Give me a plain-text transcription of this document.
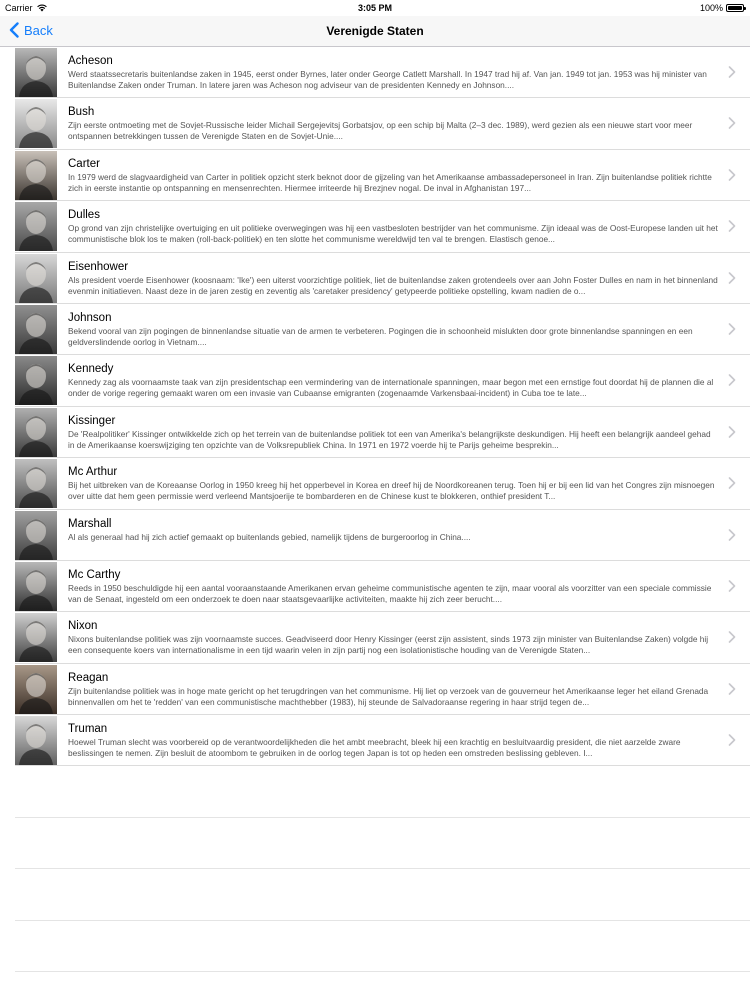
Carrier	3:05 PM	100%
Back	Verenigde Staten
Acheson
Werd staatssecretaris buitenlandse zaken in 1945, eerst onder Byrnes, later onder George Catlett Marshall. In 1947 trad hij af. Van jan. 1949 tot jan. 1953 was hij minister van Buitenlandse Zaken onder Truman. In latere jaren was Acheson nog adviseur van de presidenten Kennedy en Johnson....
Bush
Zijn eerste ontmoeting met de Sovjet-Russische leider Michail Sergejevitsj Gorbatsjov, op een schip bij Malta (2–3 dec. 1989), werd gezien als een nieuwe start voor meer ontspannen betrekkingen tussen de Verenigde Staten en de Sovjet-Unie....
Carter
In 1979 werd de slagvaardigheid van Carter in politiek opzicht sterk beknot door de gijzeling van het Amerikaanse ambassadepersoneel in Iran. Zijn buitenlandse politiek richtte zich in eerste instantie op ontspanning en mensenrechten. Hiermee irriteerde hij Brezjnev nogal. De inval in Afghanistan 197...
Dulles
Op grond van zijn christelijke overtuiging en uit politieke overwegingen was hij een vastbesloten bestrijder van het communisme. Zijn ideaal was de Oost-Europese landen uit het communistische blok los te maken (roll-back-politiek) en ten slotte het communisme wereldwijd ten val te brengen. Elastisch genoe...
Eisenhower
Als president voerde Eisenhower (koosnaam: 'Ike') een uiterst voorzichtige politiek, liet de buitenlandse zaken grotendeels over aan John Foster Dulles en nam in het binnenland evenmin initiatieven. Naast deze in de jaren zestig en zeventig als 'caretaker presidency' getypeerde politieke opstelling, kwam nadien de o...
Johnson
Bekend vooral van zijn pogingen de binnenlandse situatie van de armen te verbeteren. Pogingen die in schoonheid mislukten door grote binnenlandse spanningen en een geldverslindende oorlog in Vietnam....
Kennedy
Kennedy zag als voornaamste taak van zijn presidentschap een vermindering van de internationale spanningen, maar begon met een ernstige fout doordat hij de plannen die al onder de vorige regering gemaakt waren om een invasie van Cubaanse emigranten (zogenaamde Varkensbaai-incident) in Cuba toe te late...
Kissinger
De 'Realpolitiker' Kissinger ontwikkelde zich op het terrein van de buitenlandse politiek tot een van Amerika's belangrijkste deskundigen. Hij heeft een belangrijk aandeel gehad in de Amerikaanse koerswijziging ten opzichte van de Volksrepubliek China. In 1971 en 1972 voerde hij te Parijs geheime besprekin...
Mc Arthur
Bij het uitbreken van de Koreaanse Oorlog in 1950 kreeg hij het opperbevel in Korea en dreef hij de Noordkoreanen terug. Toen hij er bij een lid van het Congres zijn misnoegen over uitte dat hem geen permissie werd verleend Mantsjoerije te bombarderen en de Chinese kust te blokkeren, onthief president T...
Marshall
Al als generaal had hij zich actief gemaakt op buitenlands gebied, namelijk tijdens de burgeroorlog in China....
Mc Carthy
Reeds in 1950 beschuldigde hij een aantal vooraanstaande Amerikanen ervan geheime communistische agenten te zijn, maar vooral als voorzitter van een speciale commissie van de Senaat, ingesteld om een onderzoek te doen naar staatsgevaarlijke activiteiten, maakte hij zich zeer berucht....
Nixon
Nixons buitenlandse politiek was zijn voornaamste succes. Geadviseerd door Henry Kissinger (eerst zijn assistent, sinds 1973 zijn minister van Buitenlandse Zaken) volgde hij een consequente koers van internationalisme in een tijd waarin velen in zijn partij nog een isolationistische houding van de Verenigde Staten...
Reagan
Zijn buitenlandse politiek was in hoge mate gericht op het terugdringen van het communisme. Hij liet op verzoek van de gouverneur het Amerikaanse leger het eiland Grenada binnenvallen om het te 'redden' van een communistische machthebber (1983), hij steunde de Salvadoraanse regering in haar strijd tegen de...
Truman
Hoewel Truman slecht was voorbereid op de verantwoordelijkheden die het ambt meebracht, bleek hij een krachtig en besluitvaardig president, die niet aarzelde zware beslissingen te nemen. Zijn besluit de atoombom te gebruiken in de oorlog tegen Japan is tot op heden een omstreden beslissing gebleven. I...
